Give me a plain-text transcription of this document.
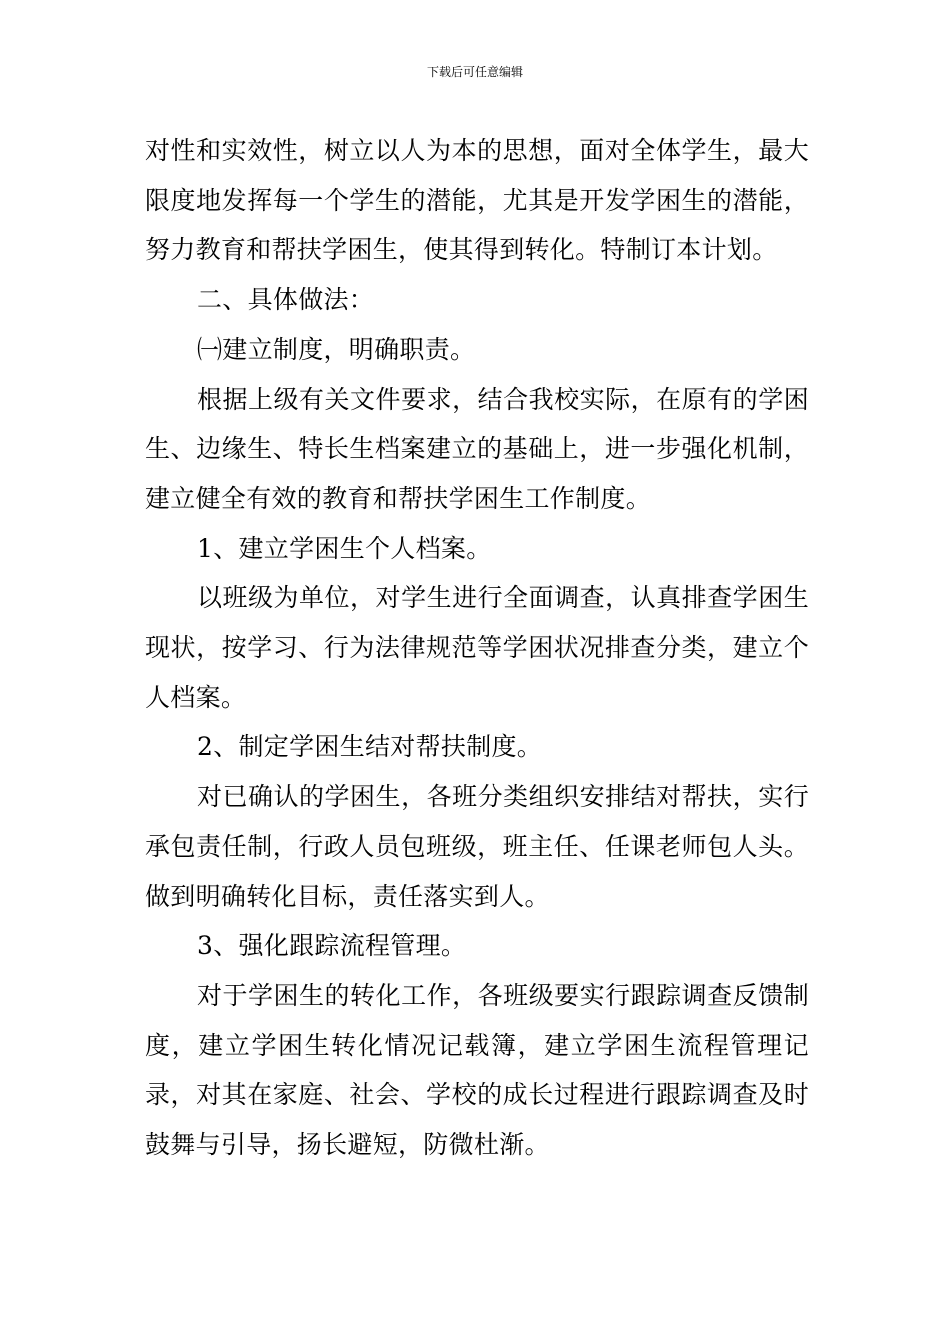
下载后可任意编辑

对性和实效性，树立以人为本的思想，面对全体学生，最大限度地发挥每一个学生的潜能，尤其是开发学困生的潜能，努力教育和帮扶学困生，使其得到转化。特制订本计划。

二、具体做法：

㈠建立制度，明确职责。

根据上级有关文件要求，结合我校实际，在原有的学困生、边缘生、特长生档案建立的基础上，进一步强化机制，建立健全有效的教育和帮扶学困生工作制度。

1、建立学困生个人档案。

以班级为单位，对学生进行全面调查，认真排查学困生现状，按学习、行为法律规范等学困状况排查分类，建立个人档案。

2、制定学困生结对帮扶制度。

对已确认的学困生，各班分类组织安排结对帮扶，实行承包责任制，行政人员包班级，班主任、任课老师包人头。做到明确转化目标，责任落实到人。

3、强化跟踪流程管理。

对于学困生的转化工作，各班级要实行跟踪调查反馈制度，建立学困生转化情况记载簿，建立学困生流程管理记录，对其在家庭、社会、学校的成长过程进行跟踪调查及时鼓舞与引导，扬长避短，防微杜渐。
